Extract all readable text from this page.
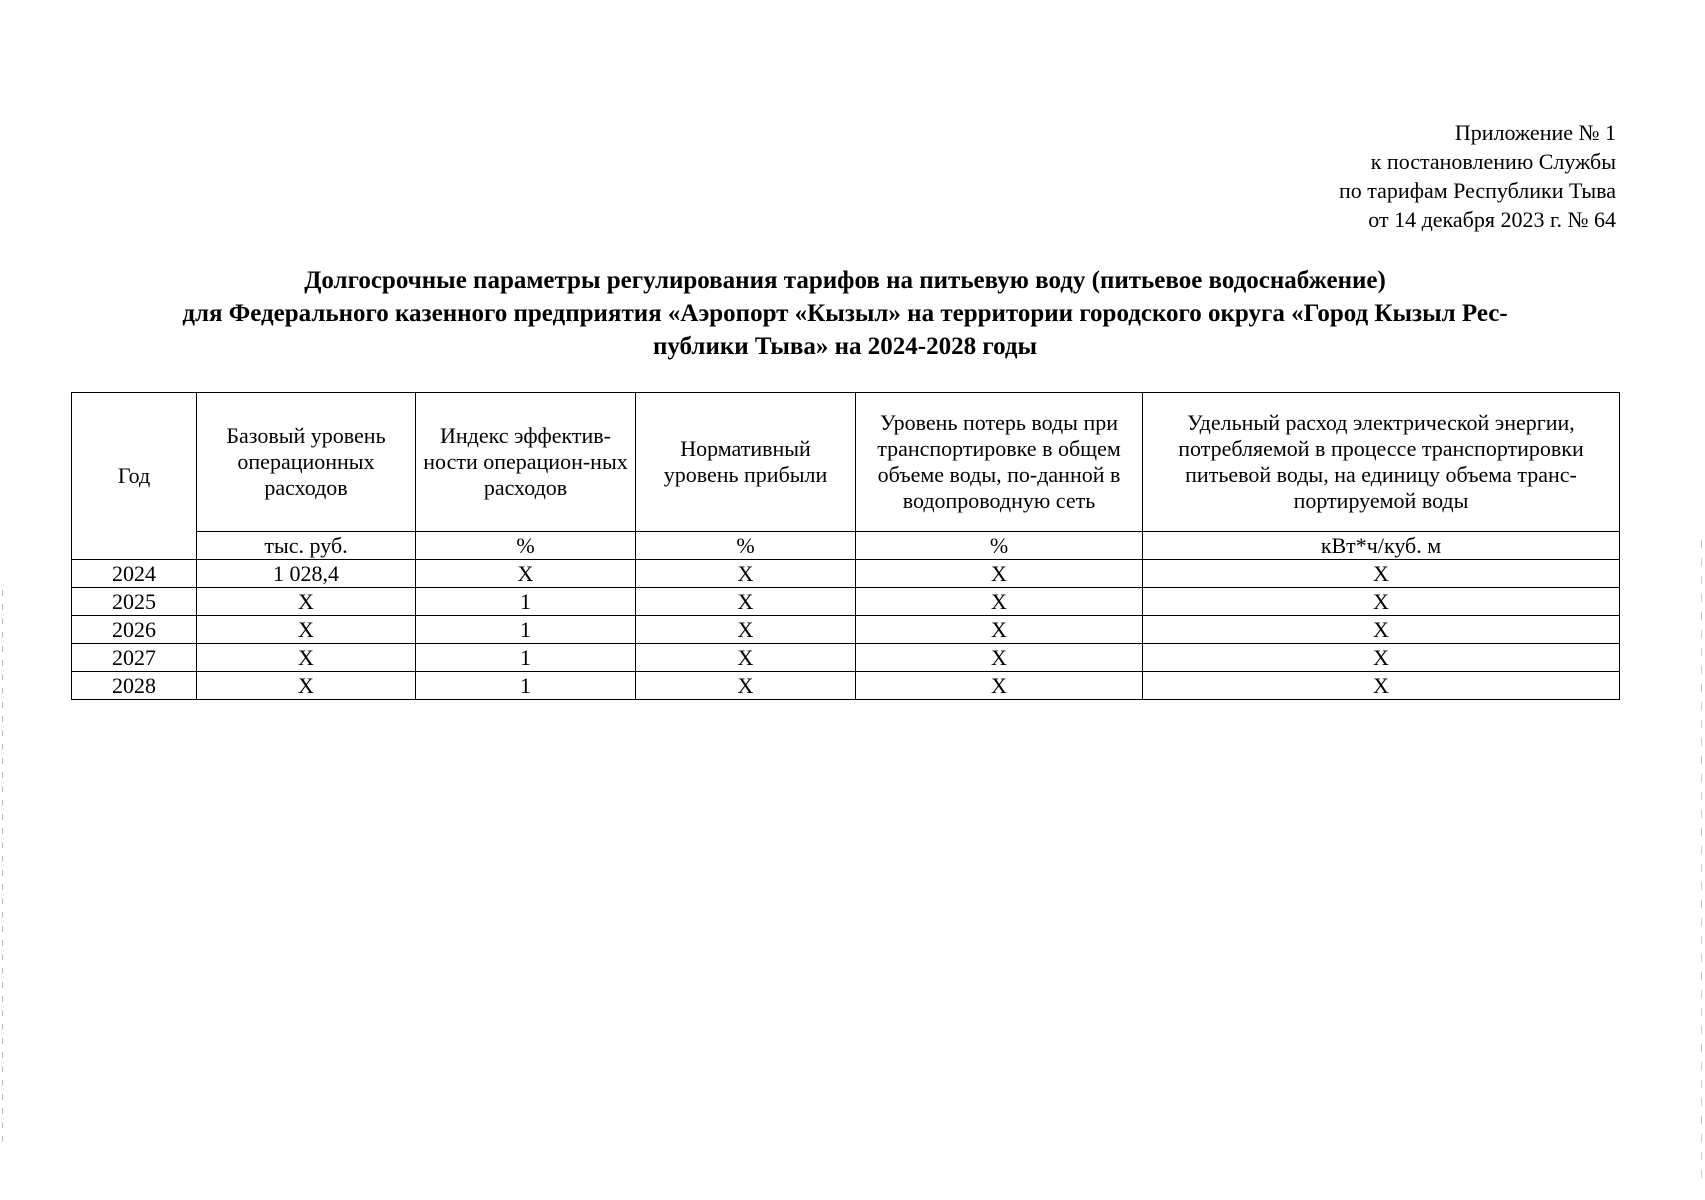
Приложение № 1
к постановлению Службы
по тарифам Республики Тыва
от 14 декабря 2023 г. № 64
Долгосрочные параметры регулирования тарифов на питьевую воду (питьевое водоснабжение)
для Федерального казенного предприятия «Аэропорт «Кызыл» на территории городского округа «Город Кызыл Рес-
публики Тыва» на 2024-2028 годы
Год	Базовый уровень операционных расходов	Индекс эффектив-ности операцион-ных расходов	Нормативный уровень прибыли	Уровень потерь воды при транспортировке в общем объеме воды, по-данной в водопроводную сеть	Удельный расход электрической энергии, потребляемой в процессе транспортировки питьевой воды, на единицу объема транс-портируемой воды
	тыс. руб.	%	%	%	кВт*ч/куб. м
2024	1 028,4	X	X	X	X
2025	X	1	X	X	X
2026	X	1	X	X	X
2027	X	1	X	X	X
2028	X	1	X	X	X
